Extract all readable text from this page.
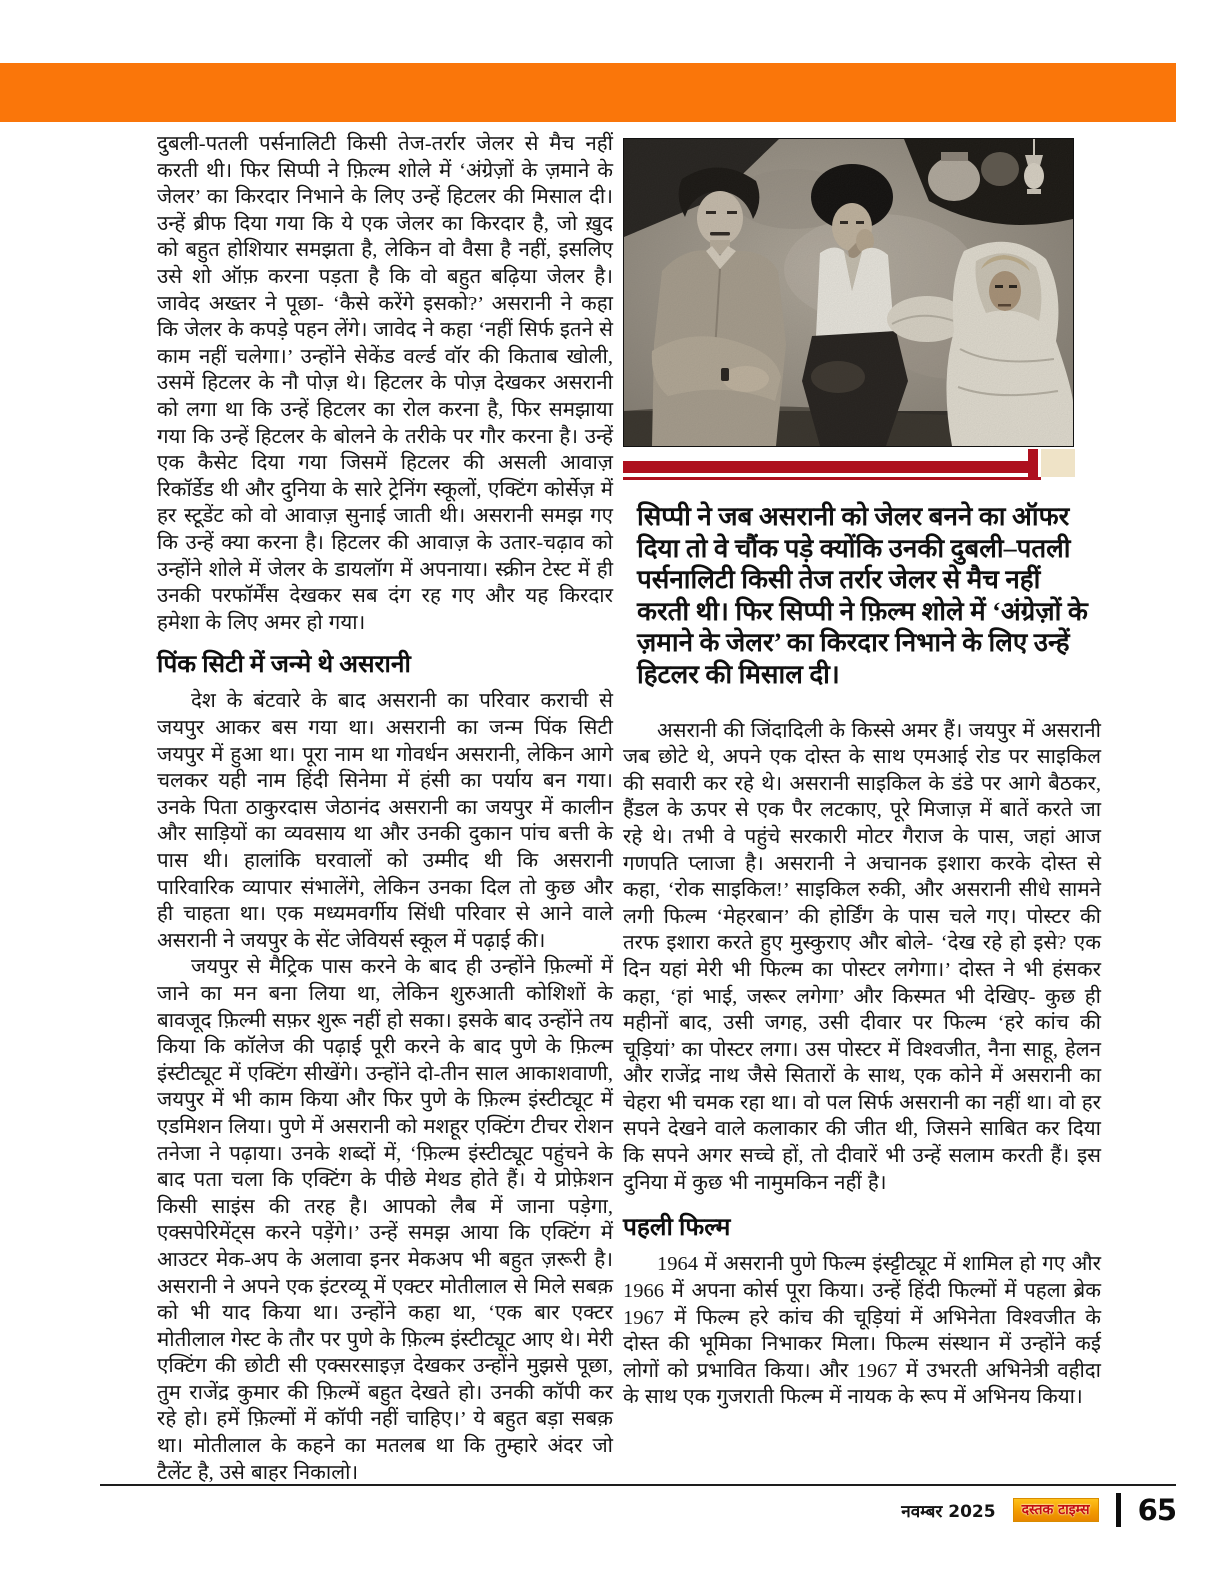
दुबली-पतली पर्सनालिटी किसी तेज-तर्रार जेलर से मैच नहीं करती थी। फिर सिप्पी ने फ़िल्म शोले में ‘अंग्रेज़ों के ज़माने के जेलर’ का किरदार निभाने के लिए उन्हें हिटलर की मिसाल दी। उन्हें ब्रीफ दिया गया कि ये एक जेलर का किरदार है, जो ख़ुद को बहुत होशियार समझता है, लेकिन वो वैसा है नहीं, इसलिए उसे शो ऑफ़ करना पड़ता है कि वो बहुत बढ़िया जेलर है। जावेद अख्तर ने पूछा- ‘कैसे करेंगे इसको?’ असरानी ने कहा कि जेलर के कपड़े पहन लेंगे। जावेद ने कहा ‘नहीं सिर्फ इतने से काम नहीं चलेगा।’ उन्होंने सेकेंड वर्ल्ड वॉर की किताब खोली, उसमें हिटलर के नौ पोज़ थे। हिटलर के पोज़ देखकर असरानी को लगा था कि उन्हें हिटलर का रोल करना है, फिर समझाया गया कि उन्हें हिटलर के बोलने के तरीके पर गौर करना है। उन्हें एक कैसेट दिया गया जिसमें हिटलर की असली आवाज़ रिकॉर्डेड थी और दुनिया के सारे ट्रेनिंग स्कूलों, एक्टिंग कोर्सेज़ में हर स्टूडेंट को वो आवाज़ सुनाई जाती थी। असरानी समझ गए कि उन्हें क्या करना है। हिटलर की आवाज़ के उतार-चढ़ाव को उन्होंने शोले में जेलर के डायलॉग में अपनाया। स्क्रीन टेस्ट में ही उनकी परफॉर्मेंस देखकर सब दंग रह गए और यह किरदार हमेशा के लिए अमर हो गया।

पिंक सिटी में जन्मे थे असरानी

देश के बंटवारे के बाद असरानी का परिवार कराची से जयपुर आकर बस गया था। असरानी का जन्म पिंक सिटी जयपुर में हुआ था। पूरा नाम था गोवर्धन असरानी, लेकिन आगे चलकर यही नाम हिंदी सिनेमा में हंसी का पर्याय बन गया। उनके पिता ठाकुरदास जेठानंद असरानी का जयपुर में कालीन और साड़ियों का व्यवसाय था और उनकी दुकान पांच बत्ती के पास थी। हालांकि घरवालों को उम्मीद थी कि असरानी पारिवारिक व्यापार संभालेंगे, लेकिन उनका दिल तो कुछ और ही चाहता था। एक मध्यमवर्गीय सिंधी परिवार से आने वाले असरानी ने जयपुर के सेंट जेवियर्स स्कूल में पढ़ाई की।

जयपुर से मैट्रिक पास करने के बाद ही उन्होंने फ़िल्मों में जाने का मन बना लिया था, लेकिन शुरुआती कोशिशों के बावजूद फ़िल्मी सफ़र शुरू नहीं हो सका। इसके बाद उन्होंने तय किया कि कॉलेज की पढ़ाई पूरी करने के बाद पुणे के फ़िल्म इंस्टीट्यूट में एक्टिंग सीखेंगे। उन्होंने दो-तीन साल आकाशवाणी, जयपुर में भी काम किया और फिर पुणे के फ़िल्म इंस्टीट्यूट में एडमिशन लिया। पुणे में असरानी को मशहूर एक्टिंग टीचर रोशन तनेजा ने पढ़ाया। उनके शब्दों में, ‘फ़िल्म इंस्टीट्यूट पहुंचने के बाद पता चला कि एक्टिंग के पीछे मेथड होते हैं। ये प्रोफ़ेशन किसी साइंस की तरह है। आपको लैब में जाना पड़ेगा, एक्सपेरिमेंट्स करने पड़ेंगे।’ उन्हें समझ आया कि एक्टिंग में आउटर मेक-अप के अलावा इनर मेकअप भी बहुत ज़रूरी है। असरानी ने अपने एक इंटरव्यू में एक्टर मोतीलाल से मिले सबक़ को भी याद किया था। उन्होंने कहा था, ‘एक बार एक्टर मोतीलाल गेस्ट के तौर पर पुणे के फ़िल्म इंस्टीट्यूट आए थे। मेरी एक्टिंग की छोटी सी एक्सरसाइज़ देखकर उन्होंने मुझसे पूछा, तुम राजेंद्र कुमार की फ़िल्में बहुत देखते हो। उनकी कॉपी कर रहे हो। हमें फ़िल्मों में कॉपी नहीं चाहिए।’ ये बहुत बड़ा सबक़ था। मोतीलाल के कहने का मतलब था कि तुम्हारे अंदर जो टैलेंट है, उसे बाहर निकालो।

सिप्पी ने जब असरानी को जेलर बनने का ऑफर दिया तो वे चौंक पड़े क्योंकि उनकी दुबली–पतली पर्सनालिटी किसी तेज तर्रार जेलर से मैच नहीं करती थी। फिर सिप्पी ने फ़िल्म शोले में ‘अंग्रेज़ों के ज़माने के जेलर’ का किरदार निभाने के लिए उन्हें हिटलर की मिसाल दी।

असरानी की जिंदादिली के किस्से अमर हैं। जयपुर में असरानी जब छोटे थे, अपने एक दोस्त के साथ एमआई रोड पर साइकिल की सवारी कर रहे थे। असरानी साइकिल के डंडे पर आगे बैठकर, हैंडल के ऊपर से एक पैर लटकाए, पूरे मिजाज़ में बातें करते जा रहे थे। तभी वे पहुंचे सरकारी मोटर गैराज के पास, जहां आज गणपति प्लाजा है। असरानी ने अचानक इशारा करके दोस्त से कहा, ‘रोक साइकिल!’ साइकिल रुकी, और असरानी सीधे सामने लगी फिल्म ‘मेहरबान’ की होर्डिंग के पास चले गए। पोस्टर की तरफ इशारा करते हुए मुस्कुराए और बोले- ‘देख रहे हो इसे? एक दिन यहां मेरी भी फिल्म का पोस्टर लगेगा।’ दोस्त ने भी हंसकर कहा, ‘हां भाई, जरूर लगेगा’ और किस्मत भी देखिए- कुछ ही महीनों बाद, उसी जगह, उसी दीवार पर फिल्म ‘हरे कांच की चूड़ियां’ का पोस्टर लगा। उस पोस्टर में विश्वजीत, नैना साहू, हेलन और राजेंद्र नाथ जैसे सितारों के साथ, एक कोने में असरानी का चेहरा भी चमक रहा था। वो पल सिर्फ असरानी का नहीं था। वो हर सपने देखने वाले कलाकार की जीत थी, जिसने साबित कर दिया कि सपने अगर सच्चे हों, तो दीवारें भी उन्हें सलाम करती हैं। इस दुनिया में कुछ भी नामुमकिन नहीं है।

पहली फिल्म

1964 में असरानी पुणे फिल्म इंस्ट्टीट्यूट में शामिल हो गए और 1966 में अपना कोर्स पूरा किया। उन्हें हिंदी फिल्मों में पहला ब्रेक 1967 में फिल्म हरे कांच की चूड़ियां में अभिनेता विश्वजीत के दोस्त की भूमिका निभाकर मिला। फिल्म संस्थान में उन्होंने कई लोगों को प्रभावित किया। और 1967 में उभरती अभिनेत्री वहीदा के साथ एक गुजराती फिल्म में नायक के रूप में अभिनय किया।

नवम्बर 2025	दस्तक टाइम्स	65
